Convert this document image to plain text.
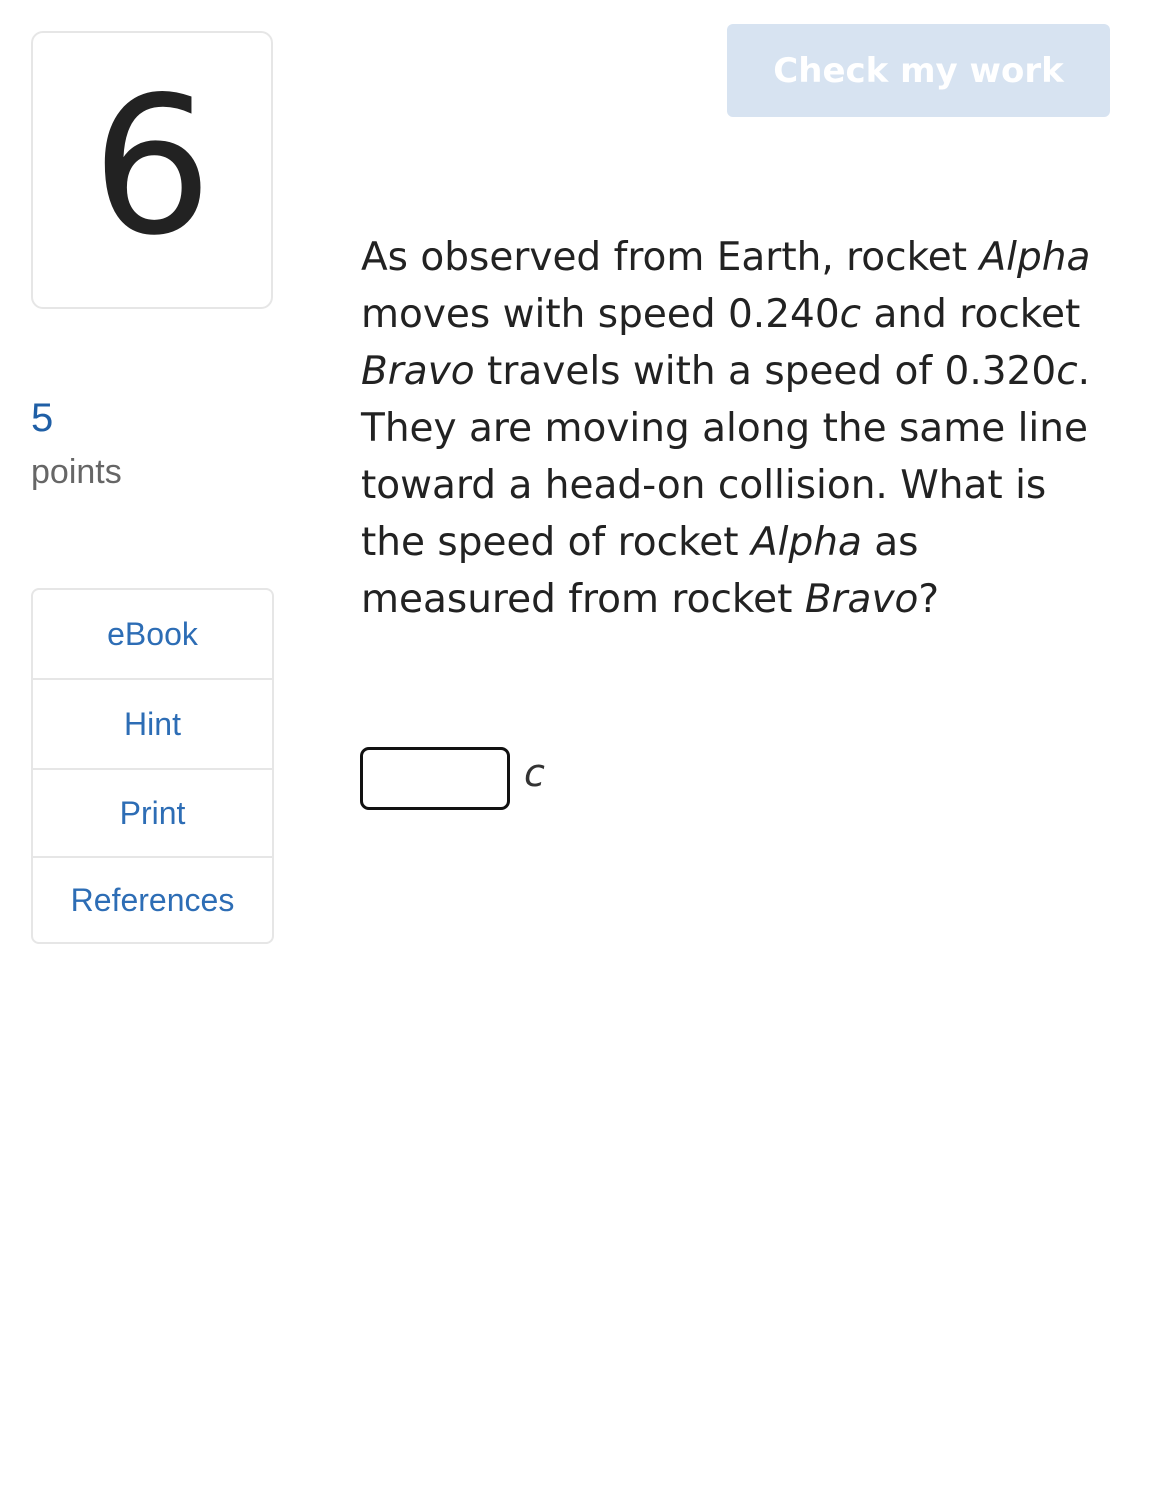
6
5
points
eBook
Hint
Print
References
Check my work

As observed from Earth, rocket Alpha moves with speed 0.240c and rocket Bravo travels with a speed of 0.320c. They are moving along the same line toward a head-on collision. What is the speed of rocket Alpha as measured from rocket Bravo?

c
